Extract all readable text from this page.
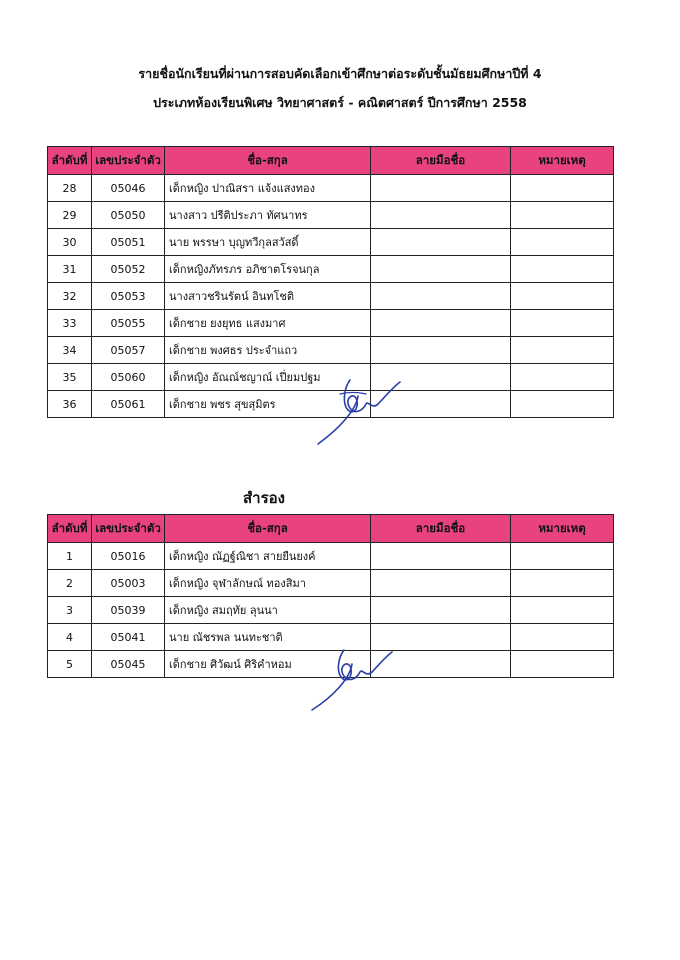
รายชื่อนักเรียนที่ผ่านการสอบคัดเลือกเข้าศึกษาต่อระดับชั้นมัธยมศึกษาปีที่ 4
ประเภทห้องเรียนพิเศษ วิทยาศาสตร์ - คณิตศาสตร์ ปีการศึกษา 2558
ลำดับที่	เลขประจำตัว	ชื่อ-สกุล	ลายมือชื่อ	หมายเหตุ
28	05046	เด็กหญิง ปาณิสรา แจ้งแสงทอง		
29	05050	นางสาว ปรีติประภา ทัศนาทร		
30	05051	นาย พรรษา บุญทวีกุลสวัสดิ์		
31	05052	เด็กหญิงภัทรภร อภิชาตโรจนกุล		
32	05053	นางสาวชรินรัตน์ อินทโชติ		
33	05055	เด็กชาย ยงยุทธ แสงมาศ		
34	05057	เด็กชาย พงศธร ประจำแถว		
35	05060	เด็กหญิง อัณณ์ชญาณ์ เปี่ยมปฐม		
36	05061	เด็กชาย พชร สุขสุมิตร		
สำรอง
ลำดับที่	เลขประจำตัว	ชื่อ-สกุล	ลายมือชื่อ	หมายเหตุ
1	05016	เด็กหญิง ณัฏฐ์ณิชา สายยืนยงค์		
2	05003	เด็กหญิง จุฬาลักษณ์ ทองสิมา		
3	05039	เด็กหญิง สมฤทัย ลุนนา		
4	05041	นาย ณัชรพล นนทะชาติ		
5	05045	เด็กชาย ศิวัฒน์ ศิริคำหอม		
